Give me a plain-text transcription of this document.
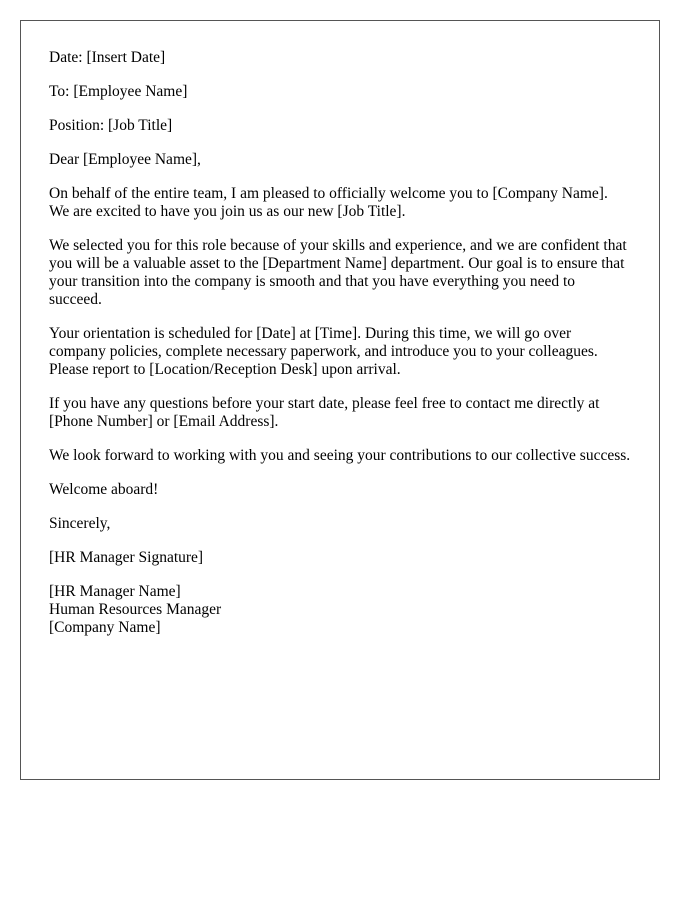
Date: [Insert Date]

To: [Employee Name]

Position: [Job Title]

Dear [Employee Name],

On behalf of the entire team, I am pleased to officially welcome you to [Company Name]. We are excited to have you join us as our new [Job Title].

We selected you for this role because of your skills and experience, and we are confident that you will be a valuable asset to the [Department Name] department. Our goal is to ensure that your transition into the company is smooth and that you have everything you need to succeed.

Your orientation is scheduled for [Date] at [Time]. During this time, we will go over company policies, complete necessary paperwork, and introduce you to your colleagues. Please report to [Location/Reception Desk] upon arrival.

If you have any questions before your start date, please feel free to contact me directly at [Phone Number] or [Email Address].

We look forward to working with you and seeing your contributions to our collective success.

Welcome aboard!

Sincerely,

[HR Manager Signature]

[HR Manager Name]
Human Resources Manager
[Company Name]
